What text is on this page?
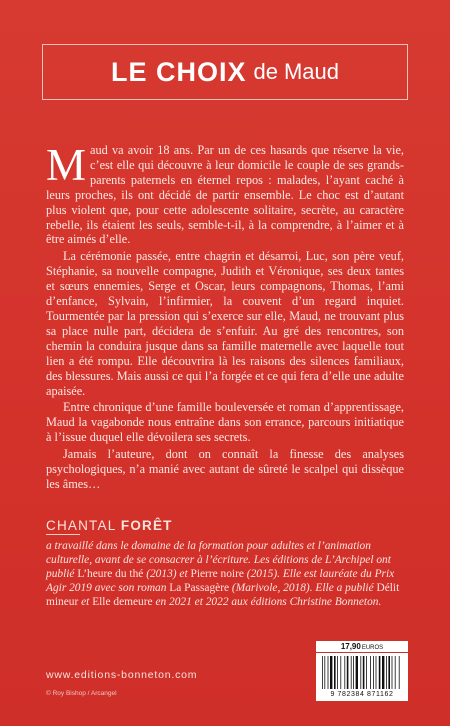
LE CHOIX de Maud

Maud va avoir 18 ans. Par un de ces hasards que réserve la vie, c’est elle qui découvre à leur domicile le couple de ses grands-parents paternels en éternel repos : malades, l’ayant caché à leurs proches, ils ont décidé de partir ensemble. Le choc est d’autant plus violent que, pour cette adolescente solitaire, secrète, au caractère rebelle, ils étaient les seuls, semble-t-il, à la comprendre, à l’aimer et à être aimés d’elle.

La cérémonie passée, entre chagrin et désarroi, Luc, son père veuf, Stéphanie, sa nouvelle compagne, Judith et Véronique, ses deux tantes et sœurs ennemies, Serge et Oscar, leurs compagnons, Thomas, l’ami d’enfance, Sylvain, l’infirmier, la couvent d’un regard inquiet. Tourmentée par la pression qui s’exerce sur elle, Maud, ne trouvant plus sa place nulle part, décidera de s’enfuir. Au gré des rencontres, son chemin la conduira jusque dans sa famille maternelle avec laquelle tout lien a été rompu. Elle découvrira là les raisons des silences familiaux, des blessures. Mais aussi ce qui l’a forgée et ce qui fera d’elle une adulte apaisée.

Entre chronique d’une famille bouleversée et roman d’apprentissage, Maud la vagabonde nous entraîne dans son errance, parcours initiatique à l’issue duquel elle dévoilera ses secrets.

Jamais l’auteure, dont on connaît la finesse des analyses psychologiques, n’a manié avec autant de sûreté le scalpel qui dissèque les âmes…

CHANTAL FORÊT
a travaillé dans le domaine de la formation pour adultes et l’animation culturelle, avant de se consacrer à l’écriture. Les éditions de L’Archipel ont publié L’heure du thé (2013) et Pierre noire (2015). Elle est lauréate du Prix Agir 2019 avec son roman La Passagère (Marivole, 2018). Elle a publié Délit mineur et Elle demeure en 2021 et 2022 aux éditions Christine Bonneton.
www.editions-bonneton.com
© Roy Bishop / Arcangel
17,90EUROS
9 782384 871162
